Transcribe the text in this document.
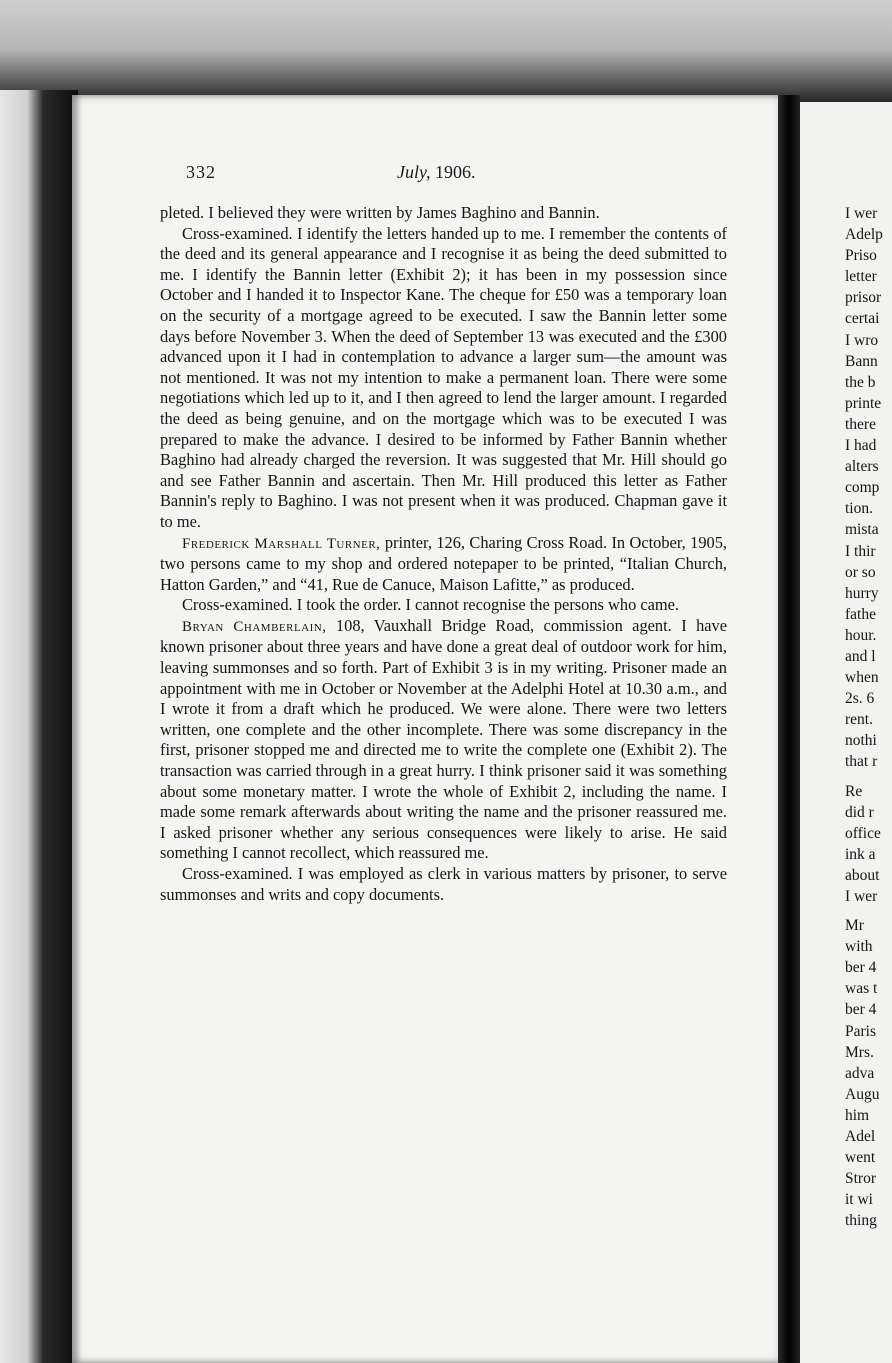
332	July, 1906.

pleted. I believed they were written by James Baghino and Bannin.

Cross-examined. I identify the letters handed up to me. I remember the contents of the deed and its general appearance and I recognise it as being the deed submitted to me. I identify the Bannin letter (Exhibit 2); it has been in my possession since October and I handed it to Inspector Kane. The cheque for £50 was a temporary loan on the security of a mortgage agreed to be executed. I saw the Bannin letter some days before November 3. When the deed of September 13 was executed and the £300 advanced upon it I had in contemplation to advance a larger sum—the amount was not mentioned. It was not my intention to make a permanent loan. There were some negotiations which led up to it, and I then agreed to lend the larger amount. I regarded the deed as being genuine, and on the mortgage which was to be executed I was prepared to make the advance. I desired to be informed by Father Bannin whether Baghino had already charged the reversion. It was suggested that Mr. Hill should go and see Father Bannin and ascertain. Then Mr. Hill produced this letter as Father Bannin's reply to Baghino. I was not present when it was produced. Chapman gave it to me.

Frederick Marshall Turner, printer, 126, Charing Cross Road. In October, 1905, two persons came to my shop and ordered notepaper to be printed, “Italian Church, Hatton Garden,” and “41, Rue de Canuce, Maison Lafitte,” as produced.

Cross-examined. I took the order. I cannot recognise the persons who came.

Bryan Chamberlain, 108, Vauxhall Bridge Road, commission agent. I have known prisoner about three years and have done a great deal of outdoor work for him, leaving summonses and so forth. Part of Exhibit 3 is in my writing. Prisoner made an appointment with me in October or November at the Adelphi Hotel at 10.30 a.m., and I wrote it from a draft which he produced. We were alone. There were two letters written, one complete and the other incomplete. There was some discrepancy in the first, prisoner stopped me and directed me to write the complete one (Exhibit 2). The transaction was carried through in a great hurry. I think prisoner said it was something about some monetary matter. I wrote the whole of Exhibit 2, including the name. I made some remark afterwards about writing the name and the prisoner reassured me. I asked prisoner whether any serious consequences were likely to arise. He said something I cannot recollect, which reassured me.

Cross-examined. I was employed as clerk in various matters by prisoner, to serve summonses and writs and copy documents.

I wer
Adelp
Priso
letter
prisor
certai
I wro
Bann
the b
printe
there
I had
alters
comp
tion.
mista
I thir
or so
hurry
fathe
hour.
and l
when
2s. 6
rent.
nothi
that r
Re
did r
office
ink a
about
I wer
Mr
with
ber 4
was t
ber 4
Paris
Mrs.
adva
Augu
him
Adel
went
Stror
it wi
thing
